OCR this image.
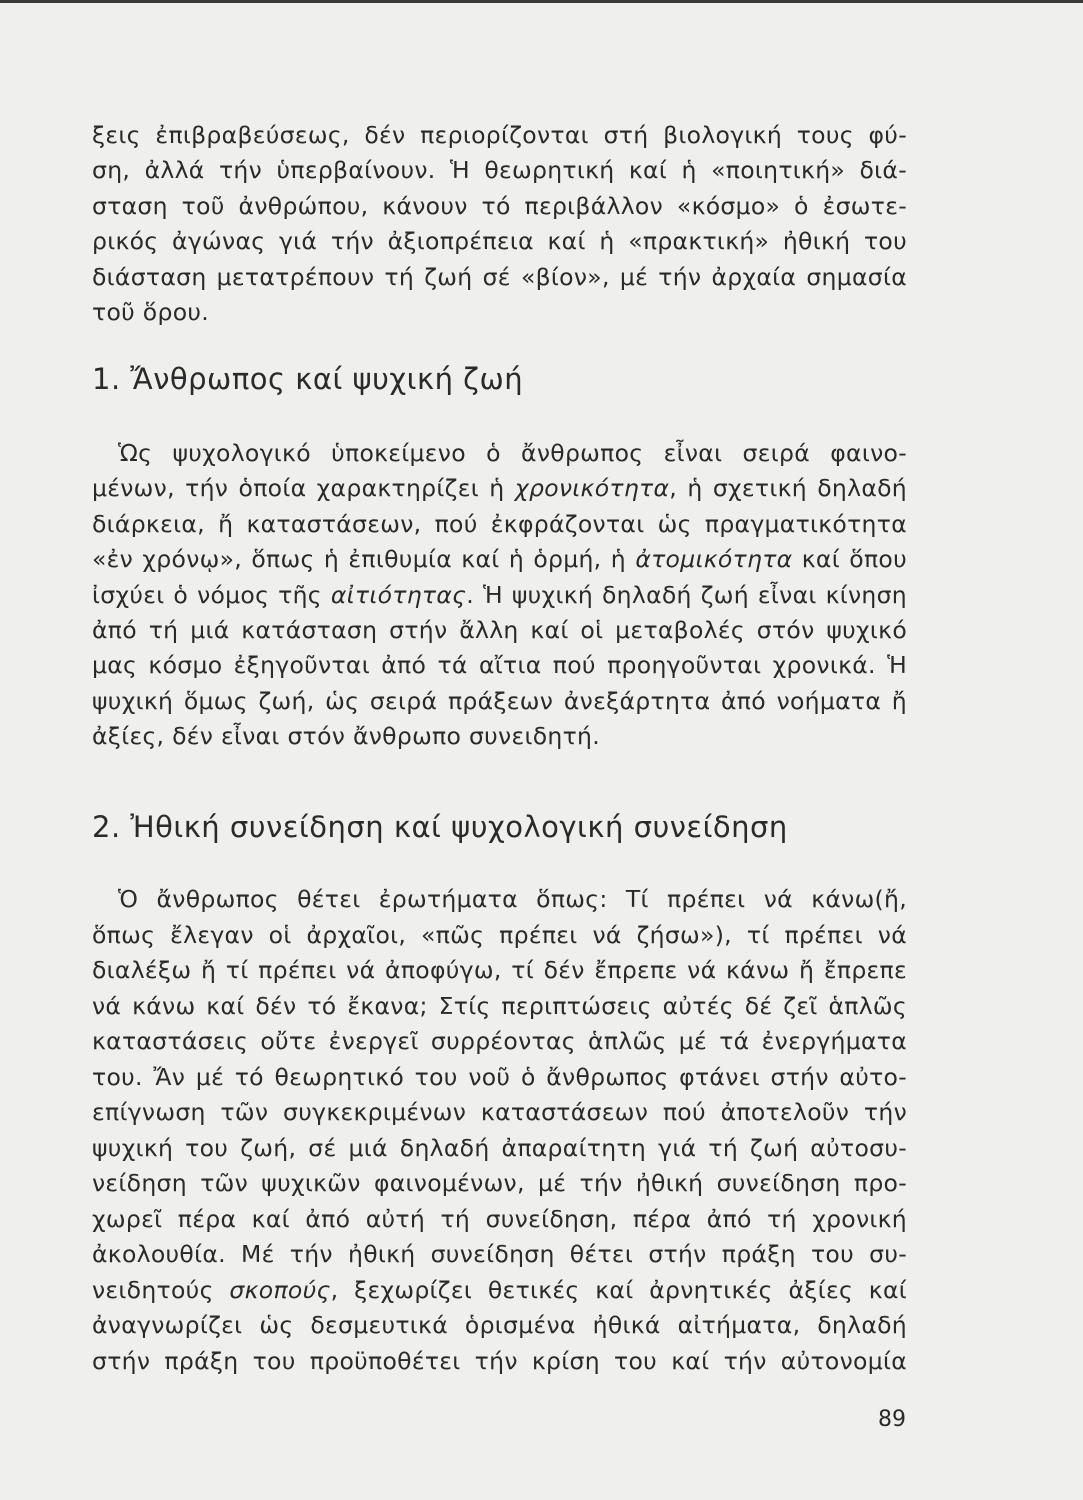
ξεις ἐπιβραβεύσεως, δέν περιορίζονται στή βιολογική τους φύ-
ση, ἀλλά τήν ὑπερβαίνουν. Ἡ θεωρητική καί ἡ «ποιητική» διά-
σταση τοῦ ἀνθρώπου, κάνουν τό περιβάλλον «κόσμο» ὁ ἐσωτε-
ρικός ἀγώνας γιά τήν ἀξιοπρέπεια καί ἡ «πρακτική» ἠθική του
διάσταση μετατρέπουν τή ζωή σέ «βίον», μέ τήν ἀρχαία σημασία
τοῦ ὅρου.
1. Ἄνθρωπος καί ψυχική ζωή
Ὡς ψυχολογικό ὑποκείμενο ὁ ἄνθρωπος εἶναι σειρά φαινο-
μένων, τήν ὁποία χαρακτηρίζει ἡ χρονικότητα, ἡ σχετική δηλαδή
διάρκεια, ἤ καταστάσεων, πού ἐκφράζονται ὡς πραγματικότητα
«ἐν χρόνῳ», ὅπως ἡ ἐπιθυμία καί ἡ ὁρμή, ἡ ἀτομικότητα καί ὅπου
ἰσχύει ὁ νόμος τῆς αἰτιότητας. Ἡ ψυχική δηλαδή ζωή εἶναι κίνηση
ἀπό τή μιά κατάσταση στήν ἄλλη καί οἱ μεταβολές στόν ψυχικό
μας κόσμο ἐξηγοῦνται ἀπό τά αἴτια πού προηγοῦνται χρονικά. Ἡ
ψυχική ὅμως ζωή, ὡς σειρά πράξεων ἀνεξάρτητα ἀπό νοήματα ἤ
ἀξίες, δέν εἶναι στόν ἄνθρωπο συνειδητή.
2. Ἠθική συνείδηση καί ψυχολογική συνείδηση
Ὁ ἄνθρωπος θέτει ἐρωτήματα ὅπως: Τί πρέπει νά κάνω(ἤ,
ὅπως ἔλεγαν οἱ ἀρχαῖοι, «πῶς πρέπει νά ζήσω»), τί πρέπει νά
διαλέξω ἤ τί πρέπει νά ἀποφύγω, τί δέν ἔπρεπε νά κάνω ἤ ἔπρεπε
νά κάνω καί δέν τό ἔκανα; Στίς περιπτώσεις αὐτές δέ ζεῖ ἁπλῶς
καταστάσεις οὔτε ἐνεργεῖ συρρέοντας ἁπλῶς μέ τά ἐνεργήματα
του. Ἄν μέ τό θεωρητικό του νοῦ ὁ ἄνθρωπος φτάνει στήν αὐτο-
επίγνωση τῶν συγκεκριμένων καταστάσεων πού ἀποτελοῦν τήν
ψυχική του ζωή, σέ μιά δηλαδή ἀπαραίτητη γιά τή ζωή αὐτοσυ-
νείδηση τῶν ψυχικῶν φαινομένων, μέ τήν ἠθική συνείδηση προ-
χωρεῖ πέρα καί ἀπό αὐτή τή συνείδηση, πέρα ἀπό τή χρονική
ἀκολουθία. Μέ τήν ἠθική συνείδηση θέτει στήν πράξη του συ-
νειδητούς σκοπούς, ξεχωρίζει θετικές καί ἀρνητικές ἀξίες καί
ἀναγνωρίζει ὡς δεσμευτικά ὁρισμένα ἠθικά αἰτήματα, δηλαδή
στήν πράξη του προϋποθέτει τήν κρίση του καί τήν αὐτονομία
89
